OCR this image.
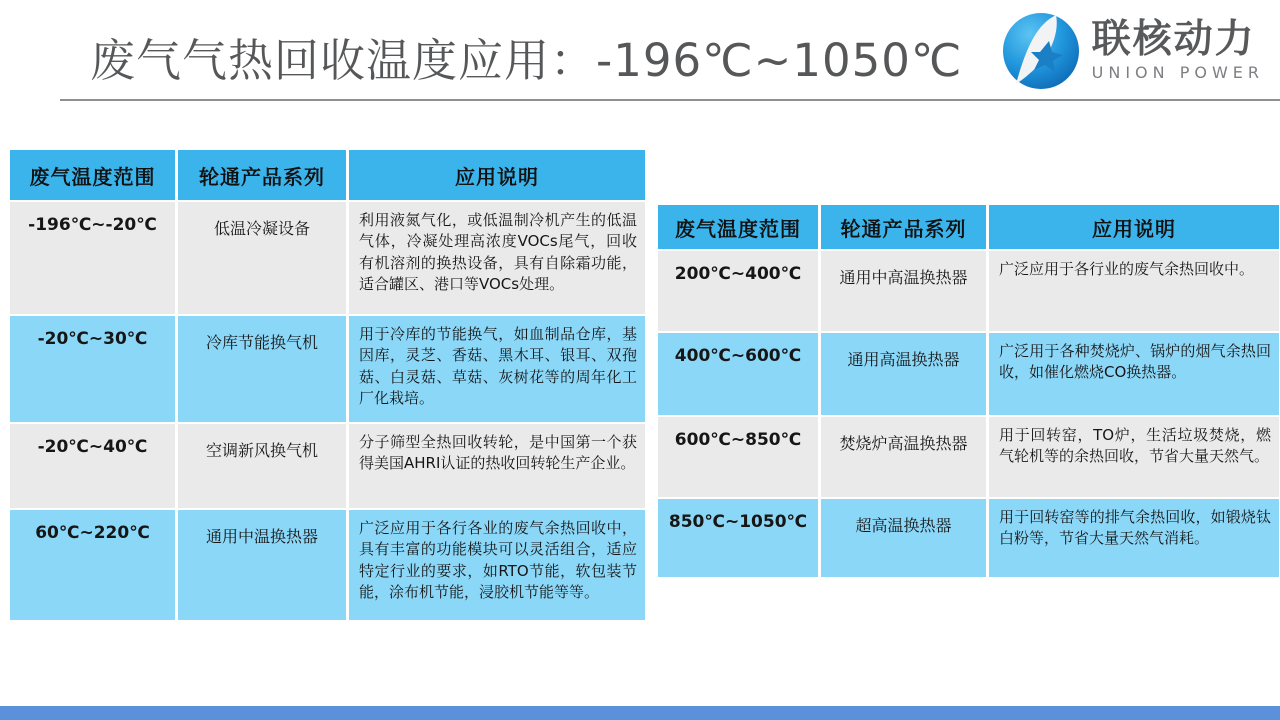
废气气热回收温度应用：-196℃~1050℃	联核动力
UNION POWER
废气温度范围	轮通产品系列	应用说明
-196℃~-20℃	低温冷凝设备	利用液氮气化，或低温制冷机产生的低温气体，冷凝处理高浓度VOCs尾气，回收有机溶剂的换热设备，具有自除霜功能，适合罐区、港口等VOCs处理。
-20℃~30℃	冷库节能换气机	用于冷库的节能换气，如血制品仓库，基因库，灵芝、香菇、黑木耳、银耳、双孢菇、白灵菇、草菇、灰树花等的周年化工厂化栽培。
-20℃~40℃	空调新风换气机	分子筛型全热回收转轮，是中国第一个获得美国AHRI认证的热收回转轮生产企业。
60℃~220℃	通用中温换热器	广泛应用于各行各业的废气余热回收中，具有丰富的功能模块可以灵活组合，适应特定行业的要求，如RTO节能，软包装节能，涂布机节能，浸胶机节能等等。
废气温度范围	轮通产品系列	应用说明
200℃~400℃	通用中高温换热器	广泛应用于各行业的废气余热回收中。
400℃~600℃	通用高温换热器	广泛用于各种焚烧炉、锅炉的烟气余热回收，如催化燃烧CO换热器。
600℃~850℃	焚烧炉高温换热器	用于回转窑，TO炉，生活垃圾焚烧，燃气轮机等的余热回收，节省大量天然气。
850℃~1050℃	超高温换热器	用于回转窑等的排气余热回收，如锻烧钛白粉等，节省大量天然气消耗。
